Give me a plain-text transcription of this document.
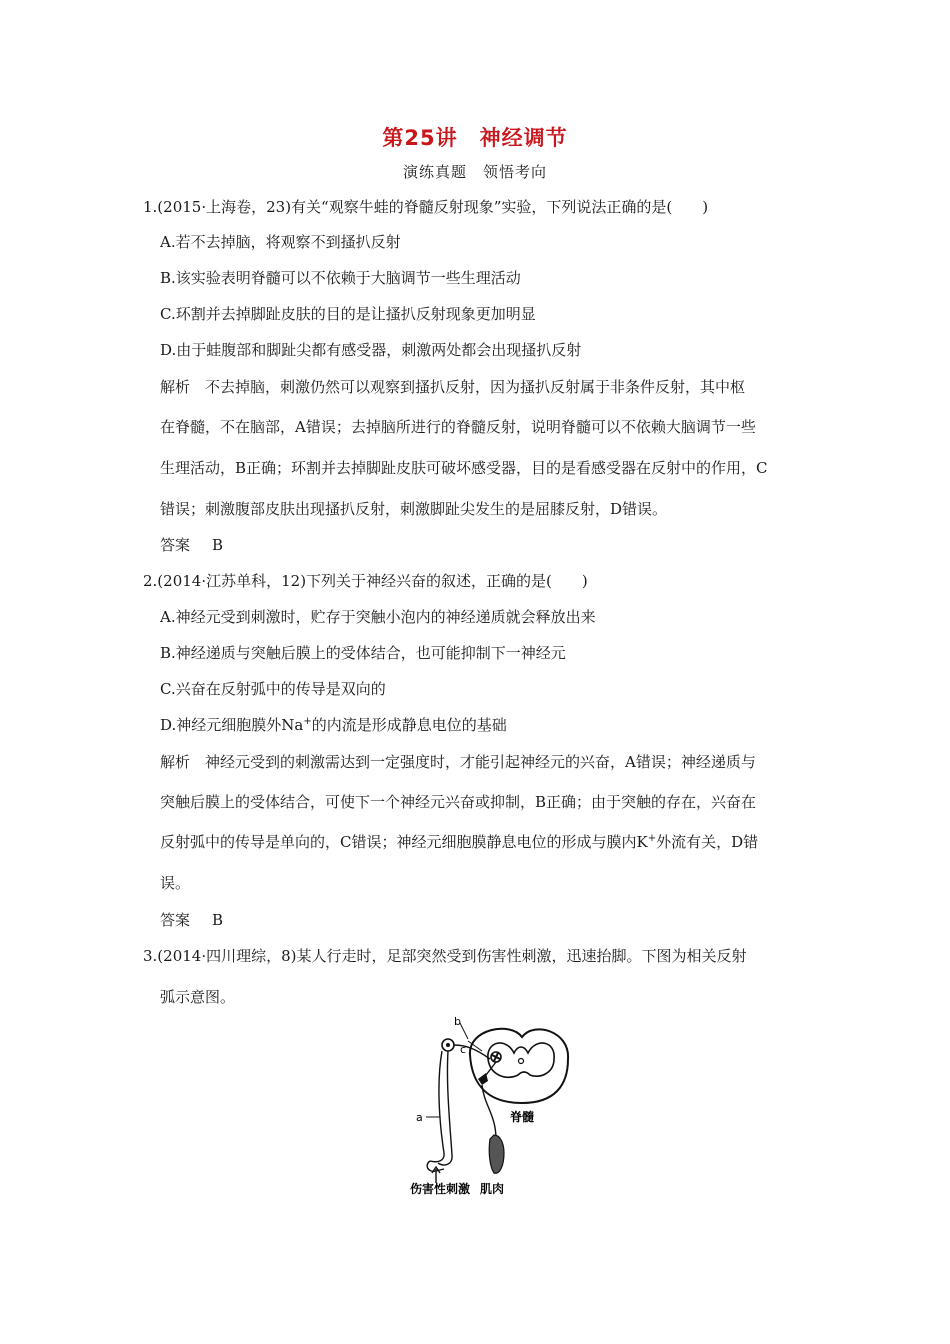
第25讲　神经调节
演练真题　领悟考向
1.(2015·上海卷，23)有关“观察牛蛙的脊髓反射现象”实验，下列说法正确的是(　　)
A.若不去掉脑，将观察不到搔扒反射
B.该实验表明脊髓可以不依赖于大脑调节一些生理活动
C.环割并去掉脚趾皮肤的目的是让搔扒反射现象更加明显
D.由于蛙腹部和脚趾尖都有感受器，刺激两处都会出现搔扒反射
解析　不去掉脑，刺激仍然可以观察到搔扒反射，因为搔扒反射属于非条件反射，其中枢
在脊髓，不在脑部，A错误；去掉脑所进行的脊髓反射，说明脊髓可以不依赖大脑调节一些
生理活动，B正确；环割并去掉脚趾皮肤可破坏感受器，目的是看感受器在反射中的作用，C
错误；刺激腹部皮肤出现搔扒反射，刺激脚趾尖发生的是屈膝反射，D错误。
答案 B
2.(2014·江苏单科，12)下列关于神经兴奋的叙述，正确的是(　　)
A.神经元受到刺激时，贮存于突触小泡内的神经递质就会释放出来
B.神经递质与突触后膜上的受体结合，也可能抑制下一神经元
C.兴奋在反射弧中的传导是双向的
D.神经元细胞膜外Na+的内流是形成静息电位的基础
解析　神经元受到的刺激需达到一定强度时，才能引起神经元的兴奋，A错误；神经递质与
突触后膜上的受体结合，可使下一个神经元兴奋或抑制，B正确；由于突触的存在，兴奋在
反射弧中的传导是单向的，C错误；神经元细胞膜静息电位的形成与膜内K+外流有关，D错
误。
答案 B
3.(2014·四川理综，8)某人行走时，足部突然受到伤害性刺激，迅速抬脚。下图为相关反射
弧示意图。
a
b
c
脊髓
伤害性刺激 肌肉
